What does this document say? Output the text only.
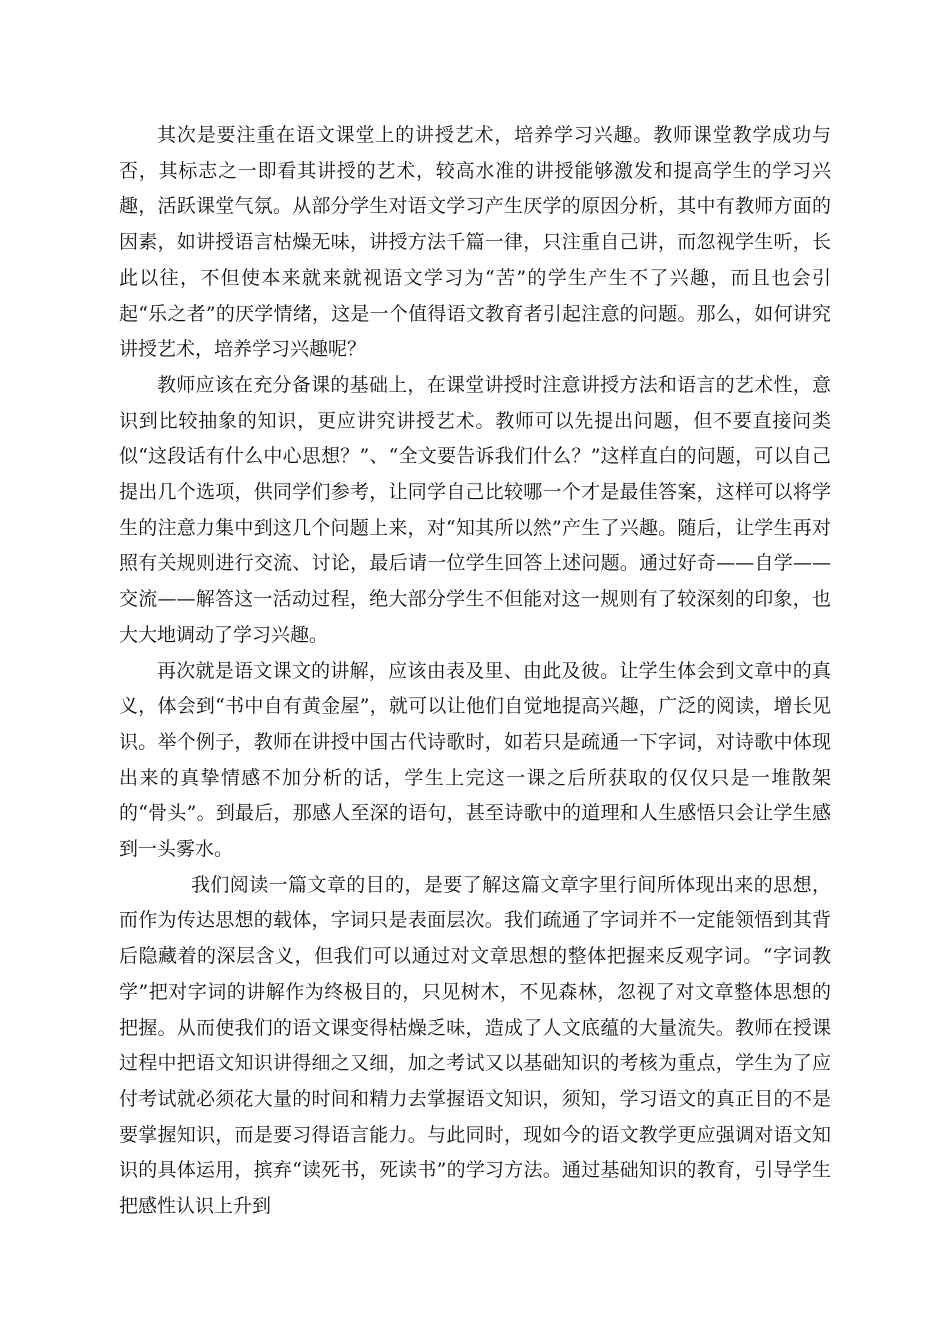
其次是要注重在语文课堂上的讲授艺术，培养学习兴趣。教师课堂教学成功与否，其标志之一即看其讲授的艺术，较高水准的讲授能够激发和提高学生的学习兴趣，活跃课堂气氛。从部分学生对语文学习产生厌学的原因分析，其中有教师方面的因素，如讲授语言枯燥无味，讲授方法千篇一律，只注重自己讲，而忽视学生听，长此以往，不但使本来就来就视语文学习为“苦”的学生产生不了兴趣，而且也会引起“乐之者”的厌学情绪，这是一个值得语文教育者引起注意的问题。那么，如何讲究讲授艺术，培养学习兴趣呢？

教师应该在充分备课的基础上，在课堂讲授时注意讲授方法和语言的艺术性，意识到比较抽象的知识，更应讲究讲授艺术。教师可以先提出问题，但不要直接问类似“这段话有什么中心思想？”、“全文要告诉我们什么？”这样直白的问题，可以自己提出几个选项，供同学们参考，让同学自己比较哪一个才是最佳答案，这样可以将学生的注意力集中到这几个问题上来，对“知其所以然”产生了兴趣。随后，让学生再对照有关规则进行交流、讨论，最后请一位学生回答上述问题。通过好奇——自学——交流——解答这一活动过程，绝大部分学生不但能对这一规则有了较深刻的印象，也大大地调动了学习兴趣。

再次就是语文课文的讲解，应该由表及里、由此及彼。让学生体会到文章中的真义，体会到“书中自有黄金屋”，就可以让他们自觉地提高兴趣，广泛的阅读，增长见识。举个例子，教师在讲授中国古代诗歌时，如若只是疏通一下字词，对诗歌中体现出来的真挚情感不加分析的话，学生上完这一课之后所获取的仅仅只是一堆散架的“骨头”。到最后，那感人至深的语句，甚至诗歌中的道理和人生感悟只会让学生感到一头雾水。

我们阅读一篇文章的目的，是要了解这篇文章字里行间所体现出来的思想，而作为传达思想的载体，字词只是表面层次。我们疏通了字词并不一定能领悟到其背后隐藏着的深层含义，但我们可以通过对文章思想的整体把握来反观字词。“字词教学”把对字词的讲解作为终极目的，只见树木，不见森林，忽视了对文章整体思想的把握。从而使我们的语文课变得枯燥乏味，造成了人文底蕴的大量流失。教师在授课过程中把语文知识讲得细之又细，加之考试又以基础知识的考核为重点，学生为了应付考试就必须花大量的时间和精力去掌握语文知识，须知，学习语文的真正目的不是要掌握知识，而是要习得语言能力。与此同时，现如今的语文教学更应强调对语文知识的具体运用，摈弃“读死书，死读书”的学习方法。通过基础知识的教育，引导学生把感性认识上升到
